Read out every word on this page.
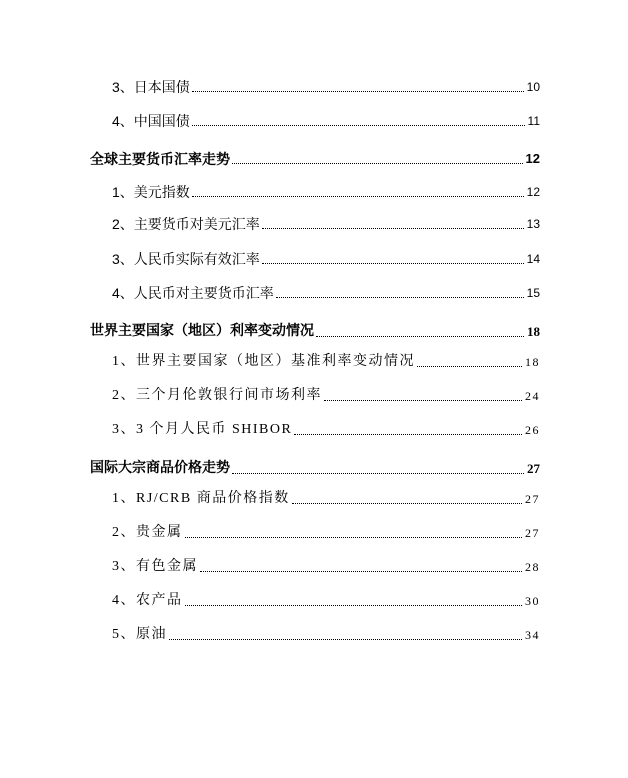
3、日本国债	10
4、中国国债	11
全球主要货币汇率走势	12
1、美元指数	12
2、主要货币对美元汇率	13
3、人民币实际有效汇率	14
4、人民币对主要货币汇率	15
世界主要国家（地区）利率变动情况	18
1、世界主要国家（地区）基准利率变动情况	18
2、三个月伦敦银行间市场利率	24
3、3 个月人民币 SHIBOR	26
国际大宗商品价格走势	27
1、RJ/CRB 商品价格指数	27
2、贵金属	27
3、有色金属	28
4、农产品	30
5、原油	34
